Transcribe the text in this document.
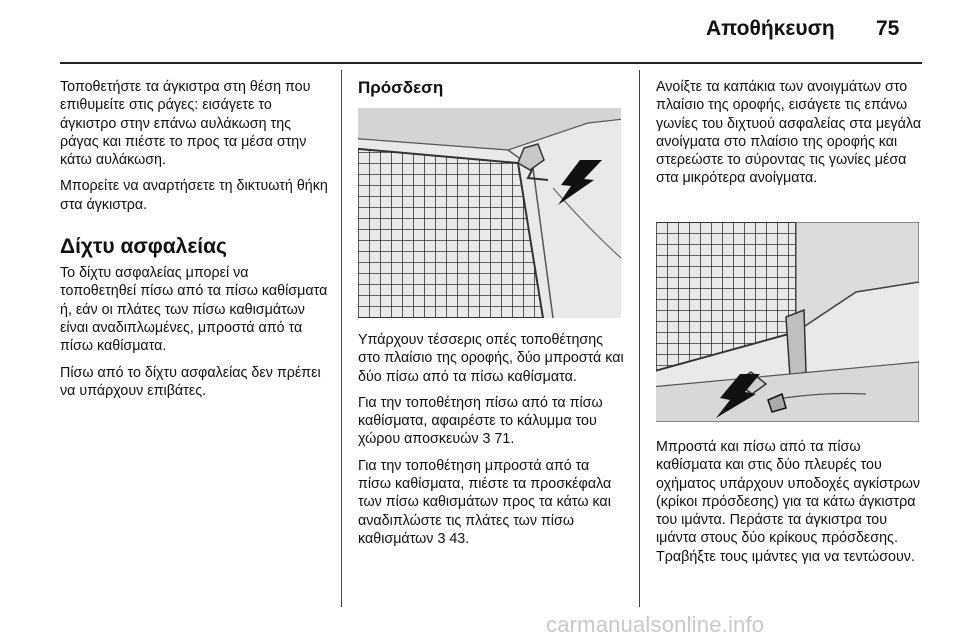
Αποθήκευση 75

Τοποθετήστε τα άγκιστρα στη θέση που επιθυμείτε στις ράγες: εισάγετε το άγκιστρο στην επάνω αυλάκωση της ράγας και πιέστε το προς τα μέσα στην κάτω αυλάκωση.

Μπορείτε να αναρτήσετε τη δικτυωτή θήκη στα άγκιστρα.

Δίχτυ ασφαλείας

Το δίχτυ ασφαλείας μπορεί να τοποθετηθεί πίσω από τα πίσω καθίσματα ή, εάν οι πλάτες των πίσω καθισμάτων είναι αναδιπλωμένες, μπροστά από τα πίσω καθίσματα.

Πίσω από το δίχτυ ασφαλείας δεν πρέπει να υπάρχουν επιβάτες.

Πρόσδεση

Υπάρχουν τέσσερις οπές τοποθέτησης στο πλαίσιο της οροφής, δύο μπροστά και δύο πίσω από τα πίσω καθίσματα.

Για την τοποθέτηση πίσω από τα πίσω καθίσματα, αφαιρέστε το κάλυμμα του χώρου αποσκευών 3 71.

Για την τοποθέτηση μπροστά από τα πίσω καθίσματα, πιέστε τα προσκέφαλα των πίσω καθισμάτων προς τα κάτω και αναδιπλώστε τις πλάτες των πίσω καθισμάτων 3 43.

Ανοίξτε τα καπάκια των ανοιγμάτων στο πλαίσιο της οροφής, εισάγετε τις επάνω γωνίες του διχτυού ασφαλείας στα μεγάλα ανοίγματα στο πλαίσιο της οροφής και στερεώστε το σύροντας τις γωνίες μέσα στα μικρότερα ανοίγματα.

Μπροστά και πίσω από τα πίσω καθίσματα και στις δύο πλευρές του οχήματος υπάρχουν υποδοχές αγκίστρων (κρίκοι πρόσδεσης) για τα κάτω άγκιστρα του ιμάντα. Περάστε τα άγκιστρα του ιμάντα στους δύο κρίκους πρόσδεσης. Τραβήξτε τους ιμάντες για να τεντώσουν.

carmanualsonline.info
